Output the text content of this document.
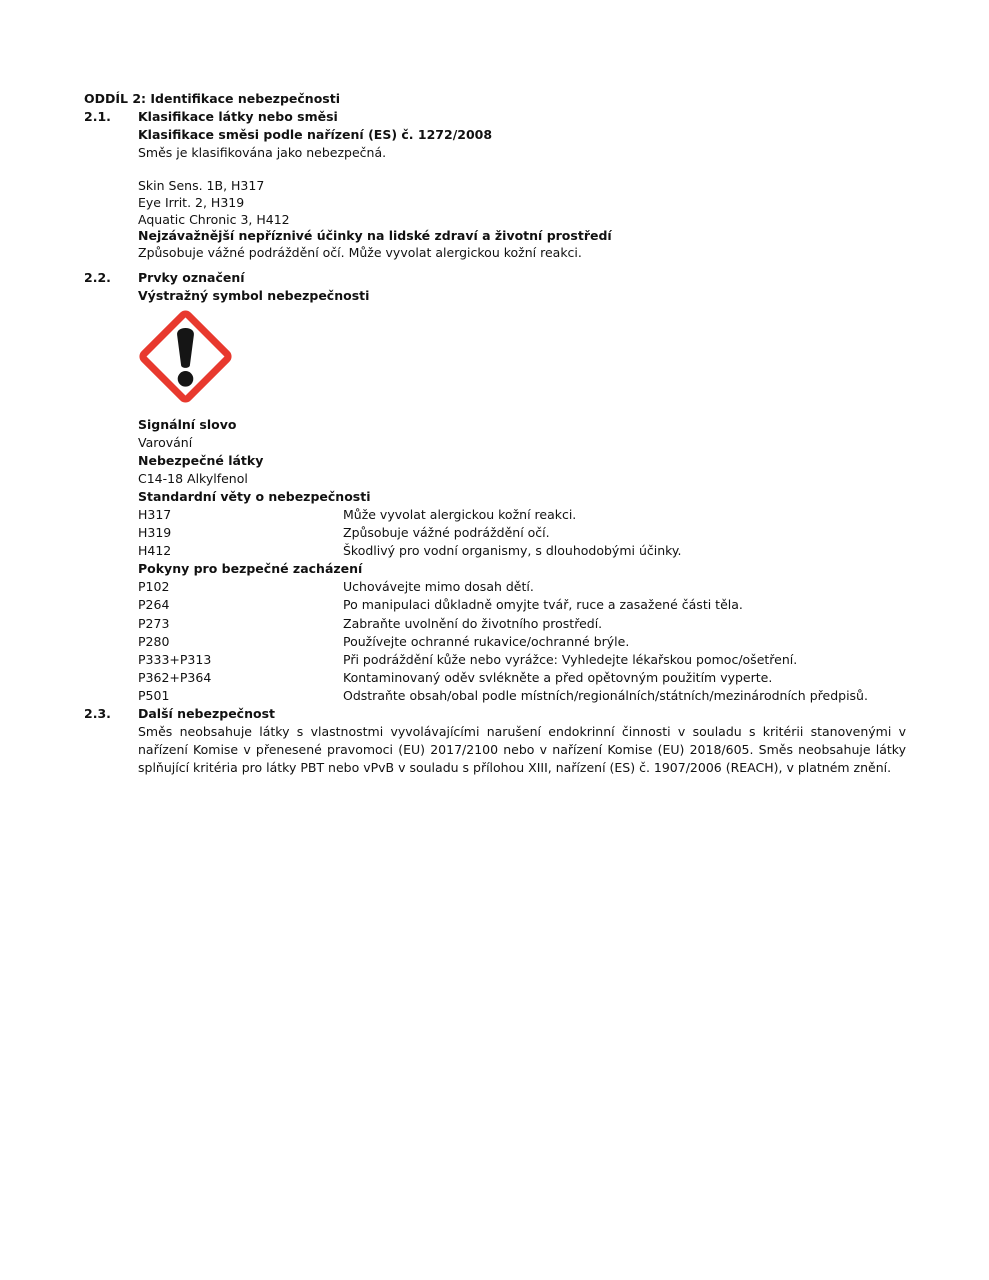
ODDÍL 2: Identifikace nebezpečnosti
2.1.	Klasifikace látky nebo směsi
Klasifikace směsi podle nařízení (ES) č. 1272/2008
Směs je klasifikována jako nebezpečná.
Skin Sens. 1B, H317
Eye Irrit. 2, H319
Aquatic Chronic 3, H412
Nejzávažnější nepříznivé účinky na lidské zdraví a životní prostředí
Způsobuje vážné podráždění očí. Může vyvolat alergickou kožní reakci.
2.2.	Prvky označení
Výstražný symbol nebezpečnosti
Signální slovo
Varování
Nebezpečné látky
C14-18 Alkylfenol
Standardní věty o nebezpečnosti
H317	Může vyvolat alergickou kožní reakci.
H319	Způsobuje vážné podráždění očí.
H412	Škodlivý pro vodní organismy, s dlouhodobými účinky.
Pokyny pro bezpečné zacházení
P102	Uchovávejte mimo dosah dětí.
P264	Po manipulaci důkladně omyjte tvář, ruce a zasažené části těla.
P273	Zabraňte uvolnění do životního prostředí.
P280	Používejte ochranné rukavice/ochranné brýle.
P333+P313	Při podráždění kůže nebo vyrážce: Vyhledejte lékařskou pomoc/ošetření.
P362+P364	Kontaminovaný oděv svlékněte a před opětovným použitím vyperte.
P501	Odstraňte obsah/obal podle místních/regionálních/státních/mezinárodních předpisů.
2.3.	Další nebezpečnost
Směs neobsahuje látky s vlastnostmi vyvolávajícími narušení endokrinní činnosti v souladu s kritérii stanovenými v nařízení Komise v přenesené pravomoci (EU) 2017/2100 nebo v nařízení Komise (EU) 2018/605. Směs neobsahuje látky splňující kritéria pro látky PBT nebo vPvB v souladu s přílohou XIII, nařízení (ES) č. 1907/2006 (REACH), v platném znění.
